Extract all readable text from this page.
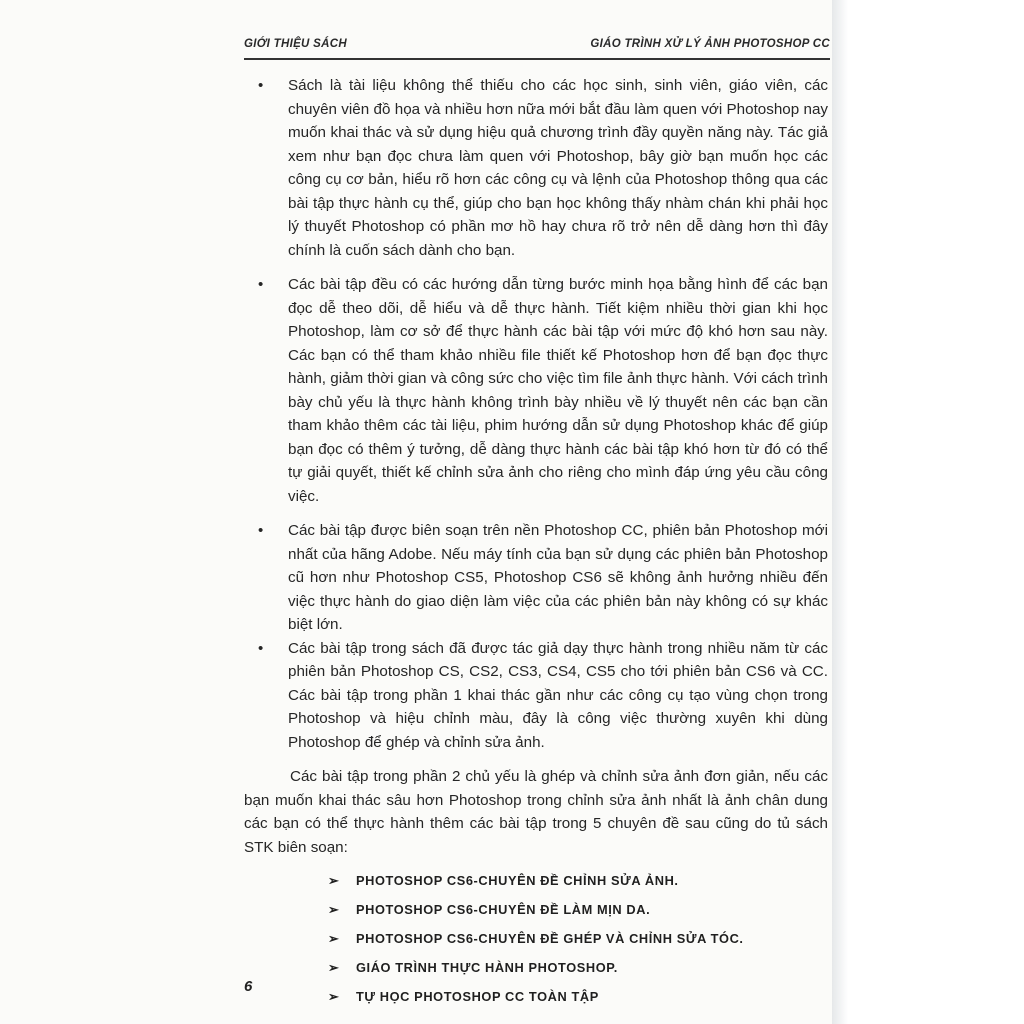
GIỚI THIỆU SÁCH	GIÁO TRÌNH XỬ LÝ ẢNH PHOTOSHOP CC
• Sách là tài liệu không thể thiếu cho các học sinh, sinh viên, giáo viên, các chuyên viên đồ họa và nhiều hơn nữa mới bắt đầu làm quen với Photoshop nay muốn khai thác và sử dụng hiệu quả chương trình đầy quyền năng này. Tác giả xem như bạn đọc chưa làm quen với Photoshop, bây giờ bạn muốn học các công cụ cơ bản, hiểu rõ hơn các công cụ và lệnh của Photoshop thông qua các bài tập thực hành cụ thể, giúp cho bạn học không thấy nhàm chán khi phải học lý thuyết Photoshop có phần mơ hồ hay chưa rõ trở nên dễ dàng hơn thì đây chính là cuốn sách dành cho bạn.
• Các bài tập đều có các hướng dẫn từng bước minh họa bằng hình để các bạn đọc dễ theo dõi, dễ hiểu và dễ thực hành. Tiết kiệm nhiều thời gian khi học Photoshop, làm cơ sở để thực hành các bài tập với mức độ khó hơn sau này. Các bạn có thể tham khảo nhiều file thiết kế Photoshop hơn để bạn đọc thực hành, giảm thời gian và công sức cho việc tìm file ảnh thực hành. Với cách trình bày chủ yếu là thực hành không trình bày nhiều về lý thuyết nên các bạn cần tham khảo thêm các tài liệu, phim hướng dẫn sử dụng Photoshop khác để giúp bạn đọc có thêm ý tưởng, dễ dàng thực hành các bài tập khó hơn từ đó có thể tự giải quyết, thiết kế chỉnh sửa ảnh cho riêng cho mình đáp ứng yêu cầu công việc.
• Các bài tập được biên soạn trên nền Photoshop CC, phiên bản Photoshop mới nhất của hãng Adobe. Nếu máy tính của bạn sử dụng các phiên bản Photoshop cũ hơn như Photoshop CS5, Photoshop CS6 sẽ không ảnh hưởng nhiều đến việc thực hành do giao diện làm việc của các phiên bản này không có sự khác biệt lớn.
• Các bài tập trong sách đã được tác giả dạy thực hành trong nhiều năm từ các phiên bản Photoshop CS, CS2, CS3, CS4, CS5 cho tới phiên bản CS6 và CC. Các bài tập trong phần 1 khai thác gần như các công cụ tạo vùng chọn trong Photoshop và hiệu chỉnh màu, đây là công việc thường xuyên khi dùng Photoshop để ghép và chỉnh sửa ảnh.
Các bài tập trong phần 2 chủ yếu là ghép và chỉnh sửa ảnh đơn giản, nếu các bạn muốn khai thác sâu hơn Photoshop trong chỉnh sửa ảnh nhất là ảnh chân dung các bạn có thể thực hành thêm các bài tập trong 5 chuyên đề sau cũng do tủ sách STK biên soạn:
➢ PHOTOSHOP CS6-CHUYÊN ĐỀ CHỈNH SỬA ẢNH.
➢ PHOTOSHOP CS6-CHUYÊN ĐỀ LÀM MỊN DA.
➢ PHOTOSHOP CS6-CHUYÊN ĐỀ GHÉP VÀ CHỈNH SỬA TÓC.
➢ GIÁO TRÌNH THỰC HÀNH PHOTOSHOP.
➢ TỰ HỌC PHOTOSHOP CC TOÀN TẬP
6
